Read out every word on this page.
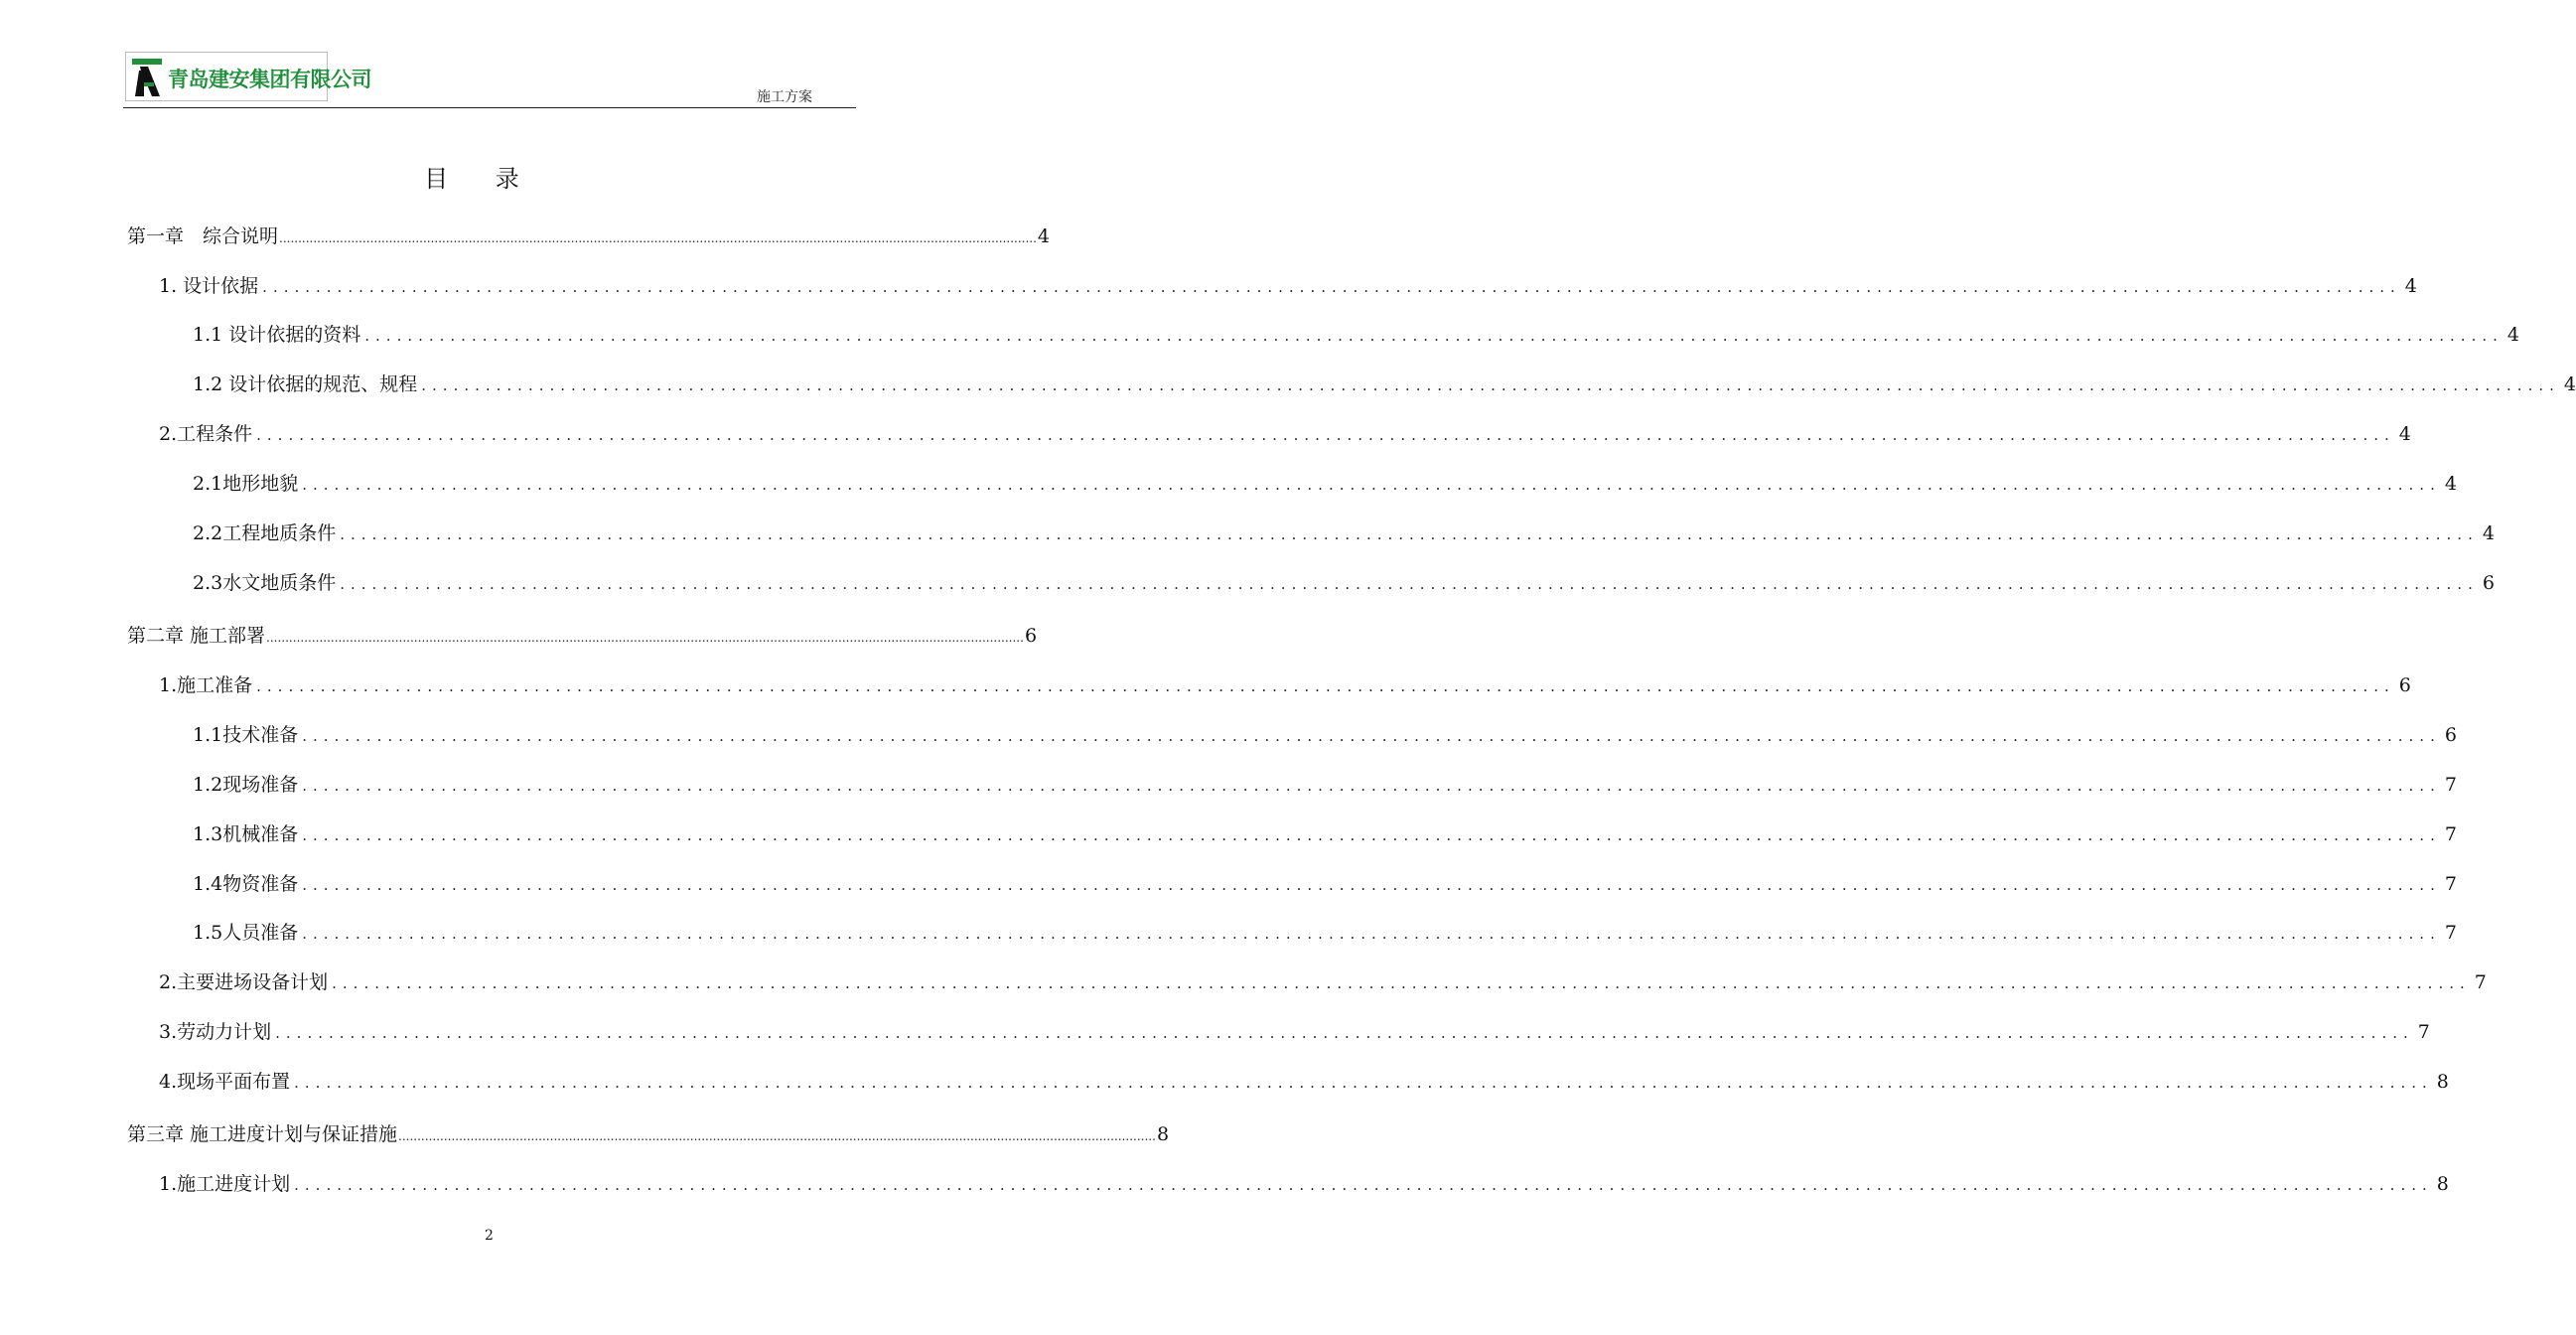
青岛建安集团有限公司
施工方案
目 录
第一章　综合说明 ........................................................................................................................................................................................................ 4
1. 设计依据 ........................................................................................................................................................................................................ 4
1.1 设计依据的资料 ........................................................................................................................................................................................................ 4
1.2 设计依据的规范、规程 ........................................................................................................................................................................................................ 4
2.工程条件 ........................................................................................................................................................................................................ 4
2.1地形地貌 ........................................................................................................................................................................................................ 4
2.2工程地质条件 ........................................................................................................................................................................................................ 4
2.3水文地质条件 ........................................................................................................................................................................................................ 6
第二章 施工部署 ........................................................................................................................................................................................................ 6
1.施工准备 ........................................................................................................................................................................................................ 6
1.1技术准备 ........................................................................................................................................................................................................ 6
1.2现场准备 ........................................................................................................................................................................................................ 7
1.3机械准备 ........................................................................................................................................................................................................ 7
1.4物资准备 ........................................................................................................................................................................................................ 7
1.5人员准备 ........................................................................................................................................................................................................ 7
2.主要进场设备计划 ........................................................................................................................................................................................................ 7
3.劳动力计划 ........................................................................................................................................................................................................ 7
4.现场平面布置 ........................................................................................................................................................................................................ 8
第三章 施工进度计划与保证措施 ........................................................................................................................................................................................................ 8
1.施工进度计划 ........................................................................................................................................................................................................ 8
2
